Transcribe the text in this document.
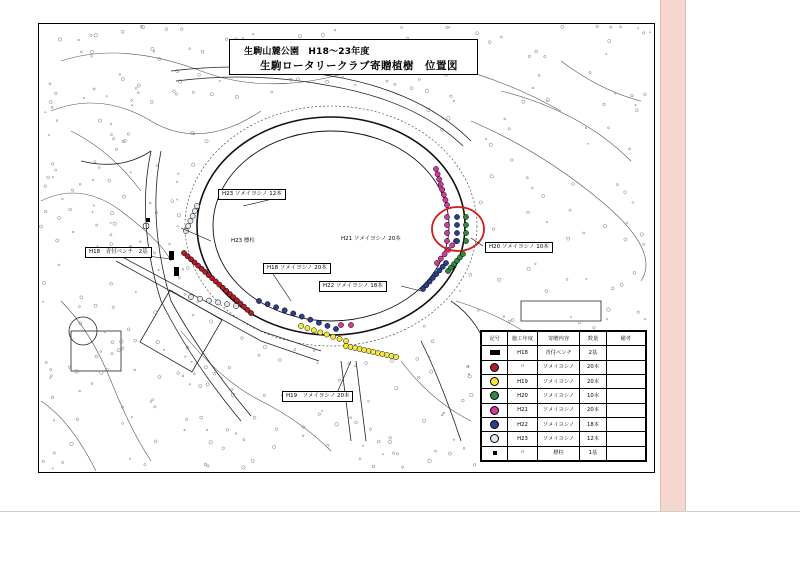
生駒山麓公園　H18～23年度
生駒ロータリークラブ寄贈植樹　位置図
H23 ソメイヨシノ 12本
H23 標柱
H18　青付ベンチ　2基
H18 ソメイヨシノ 20本
H21 ソメイヨシノ 20本
H22 ソメイヨシノ 18本
H20 ソメイヨシノ 10本
H19　ソメイヨシノ 20本
記号	施工年度	寄贈内容	数量	備考
	H18	青付ベンチ	2基	
	〃	ソメイヨシノ	20本	
	H19	ソメイヨシノ	20本	
	H20	ソメイヨシノ	10本	
	H21	ソメイヨシノ	20本	
	H22	ソメイヨシノ	18本	
	H23	ソメイヨシノ	12本	
	〃	標柱	1基	
